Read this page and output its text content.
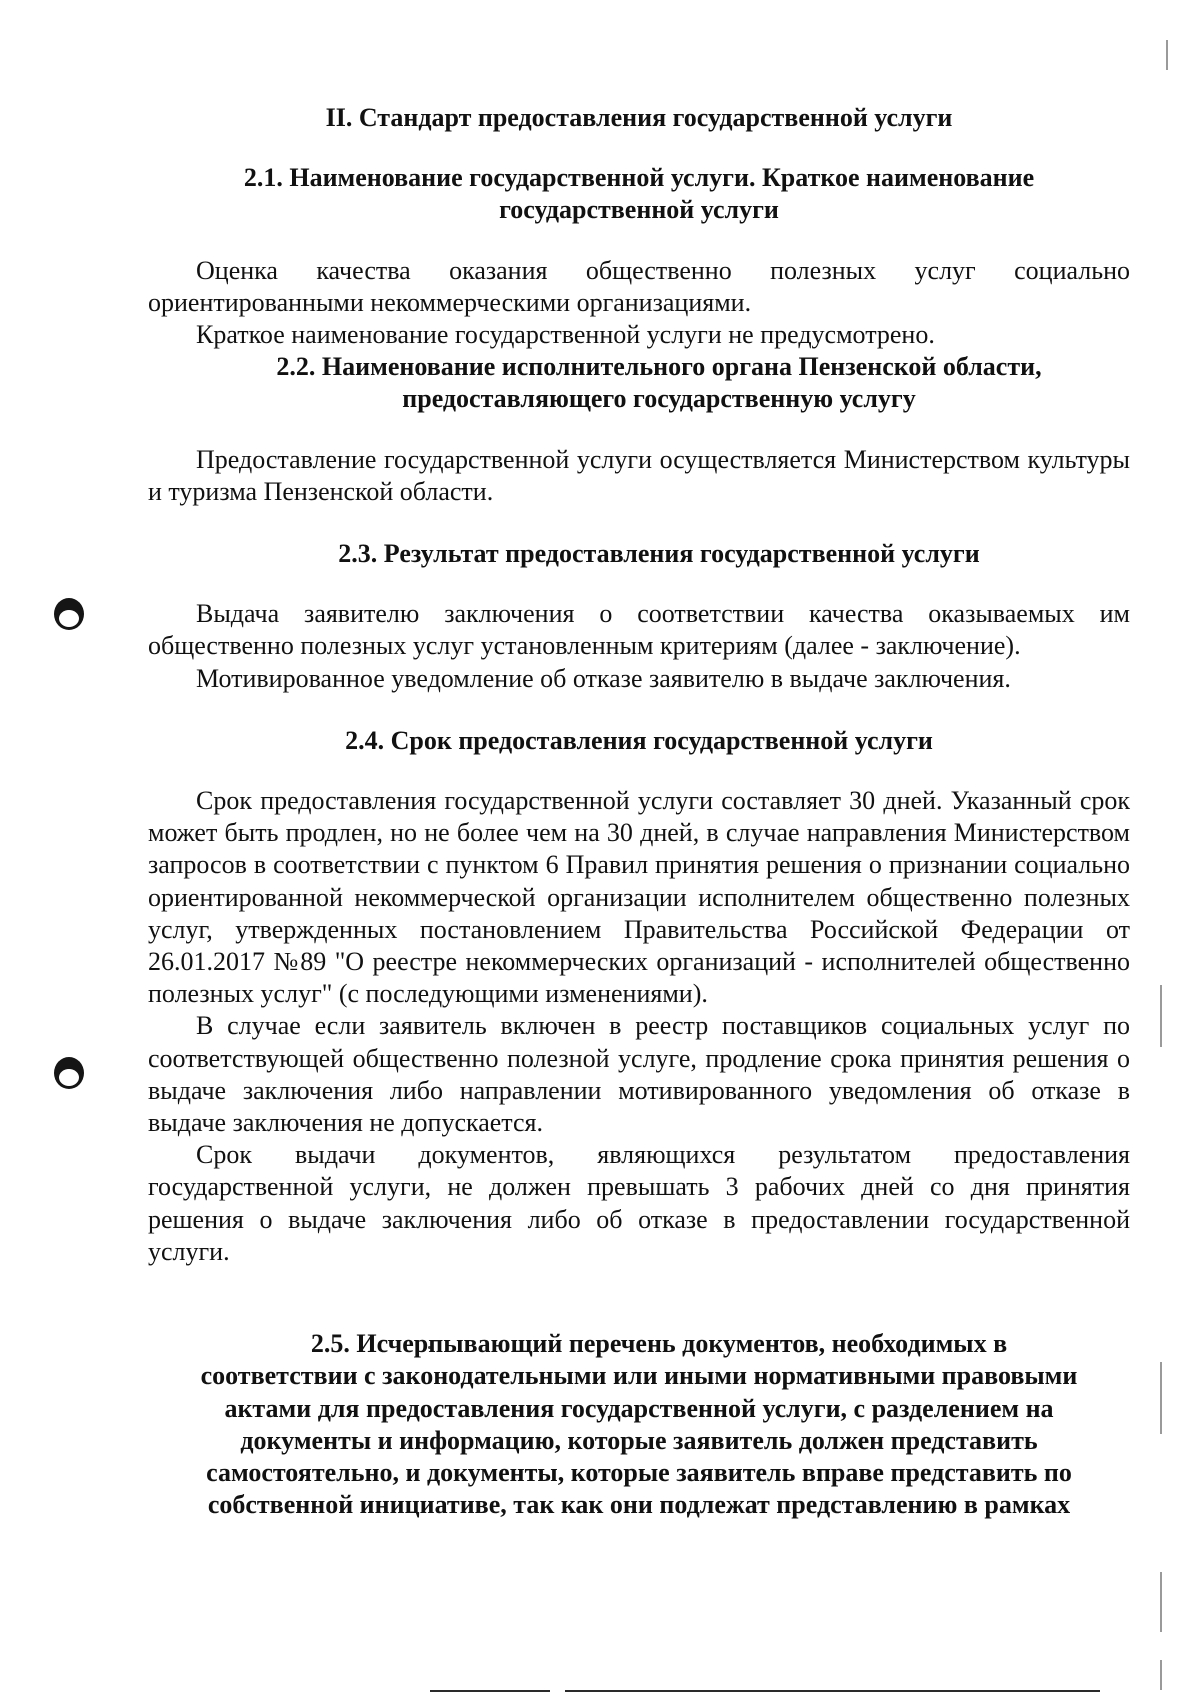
II. Стандарт предоставления государственной услуги

2.1. Наименование государственной услуги. Краткое наименование

государственной услуги

Оценка качества оказания общественно полезных услуг социально ориентированными некоммерческими организациями.

Краткое наименование государственной услуги не предусмотрено.

2.2. Наименование исполнительного органа Пензенской области,

предоставляющего государственную услугу

Предоставление государственной услуги осуществляется Министерством культуры и туризма Пензенской области.

2.3. Результат предоставления государственной услуги

Выдача заявителю заключения о соответствии качества оказываемых им общественно полезных услуг установленным критериям (далее - заключение).

Мотивированное уведомление об отказе заявителю в выдаче заключения.

2.4. Срок предоставления государственной услуги

Срок предоставления государственной услуги составляет 30 дней. Указанный срок может быть продлен, но не более чем на 30 дней, в случае направления Министерством запросов в соответствии с пунктом 6 Правил принятия решения о признании социально ориентированной некоммерческой организации исполнителем общественно полезных услуг, утвержденных постановлением Правительства Российской Федерации от 26.01.2017 №89 "О реестре некоммерческих организаций - исполнителей общественно полезных услуг" (с последующими изменениями).

В случае если заявитель включен в реестр поставщиков социальных услуг по соответствующей общественно полезной услуге, продление срока принятия решения о выдаче заключения либо направлении мотивированного уведомления об отказе в выдаче заключения не допускается.

Срок выдачи документов, являющихся результатом предоставления государственной услуги, не должен превышать 3 рабочих дней со дня принятия решения о выдаче заключения либо об отказе в предоставлении государственной услуги.

2.5. Исчерпывающий перечень документов, необходимых в

соответствии с законодательными или иными нормативными правовыми

актами для предоставления государственной услуги, с разделением на

документы и информацию, которые заявитель должен представить

самостоятельно, и документы, которые заявитель вправе представить по

собственной инициативе, так как они подлежат представлению в рамках
